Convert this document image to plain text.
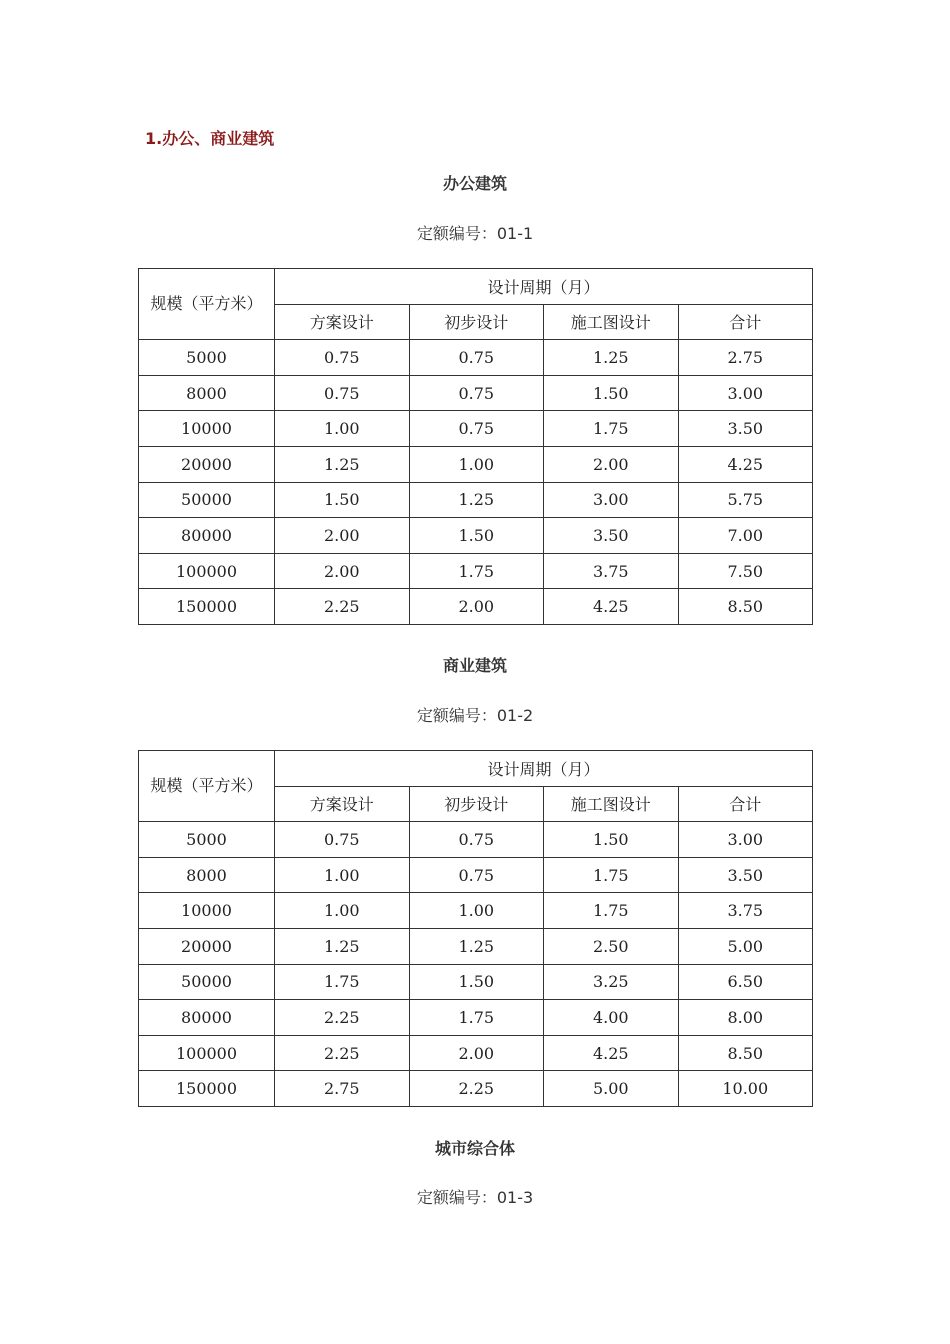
1.办公、商业建筑
办公建筑

定额编号：01-1

规模（平方米）	设计周期（月）			
	方案设计	初步设计	施工图设计	合计
5000	0.75	0.75	1.25	2.75
8000	0.75	0.75	1.50	3.00
10000	1.00	0.75	1.75	3.50
20000	1.25	1.00	2.00	4.25
50000	1.50	1.25	3.00	5.75
80000	2.00	1.50	3.50	7.00
100000	2.00	1.75	3.75	7.50
150000	2.25	2.00	4.25	8.50
商业建筑

定额编号：01-2

规模（平方米）	设计周期（月）			
	方案设计	初步设计	施工图设计	合计
5000	0.75	0.75	1.50	3.00
8000	1.00	0.75	1.75	3.50
10000	1.00	1.00	1.75	3.75
20000	1.25	1.25	2.50	5.00
50000	1.75	1.50	3.25	6.50
80000	2.25	1.75	4.00	8.00
100000	2.25	2.00	4.25	8.50
150000	2.75	2.25	5.00	10.00
城市综合体

定额编号：01-3
